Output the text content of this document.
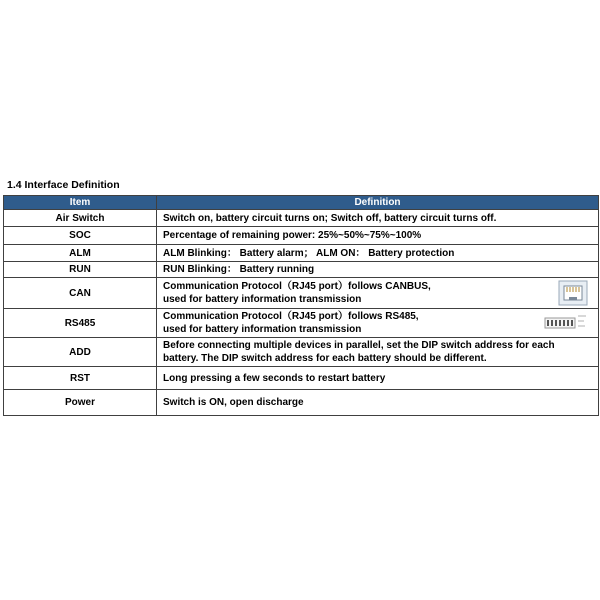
1.4 Interface Definition
Item	Definition
Air Switch	Switch on, battery circuit turns on; Switch off, battery circuit turns off.

SOC	Percentage of remaining power: 25%~50%~75%~100%

ALM	ALM Blinking： Battery alarm； ALM ON： Battery protection

RUN	RUN Blinking： Battery running

CAN	Communication Protocol（RJ45 port）follows CANBUS,
used for battery information transmission

RS485	Communication Protocol（RJ45 port）follows RS485,
used for battery information transmission

ADD	Before connecting multiple devices in parallel, set the DIP switch address for each
battery. The DIP switch address for each battery should be different.

RST	Long pressing a few seconds to restart battery

Power	Switch is ON, open discharge
